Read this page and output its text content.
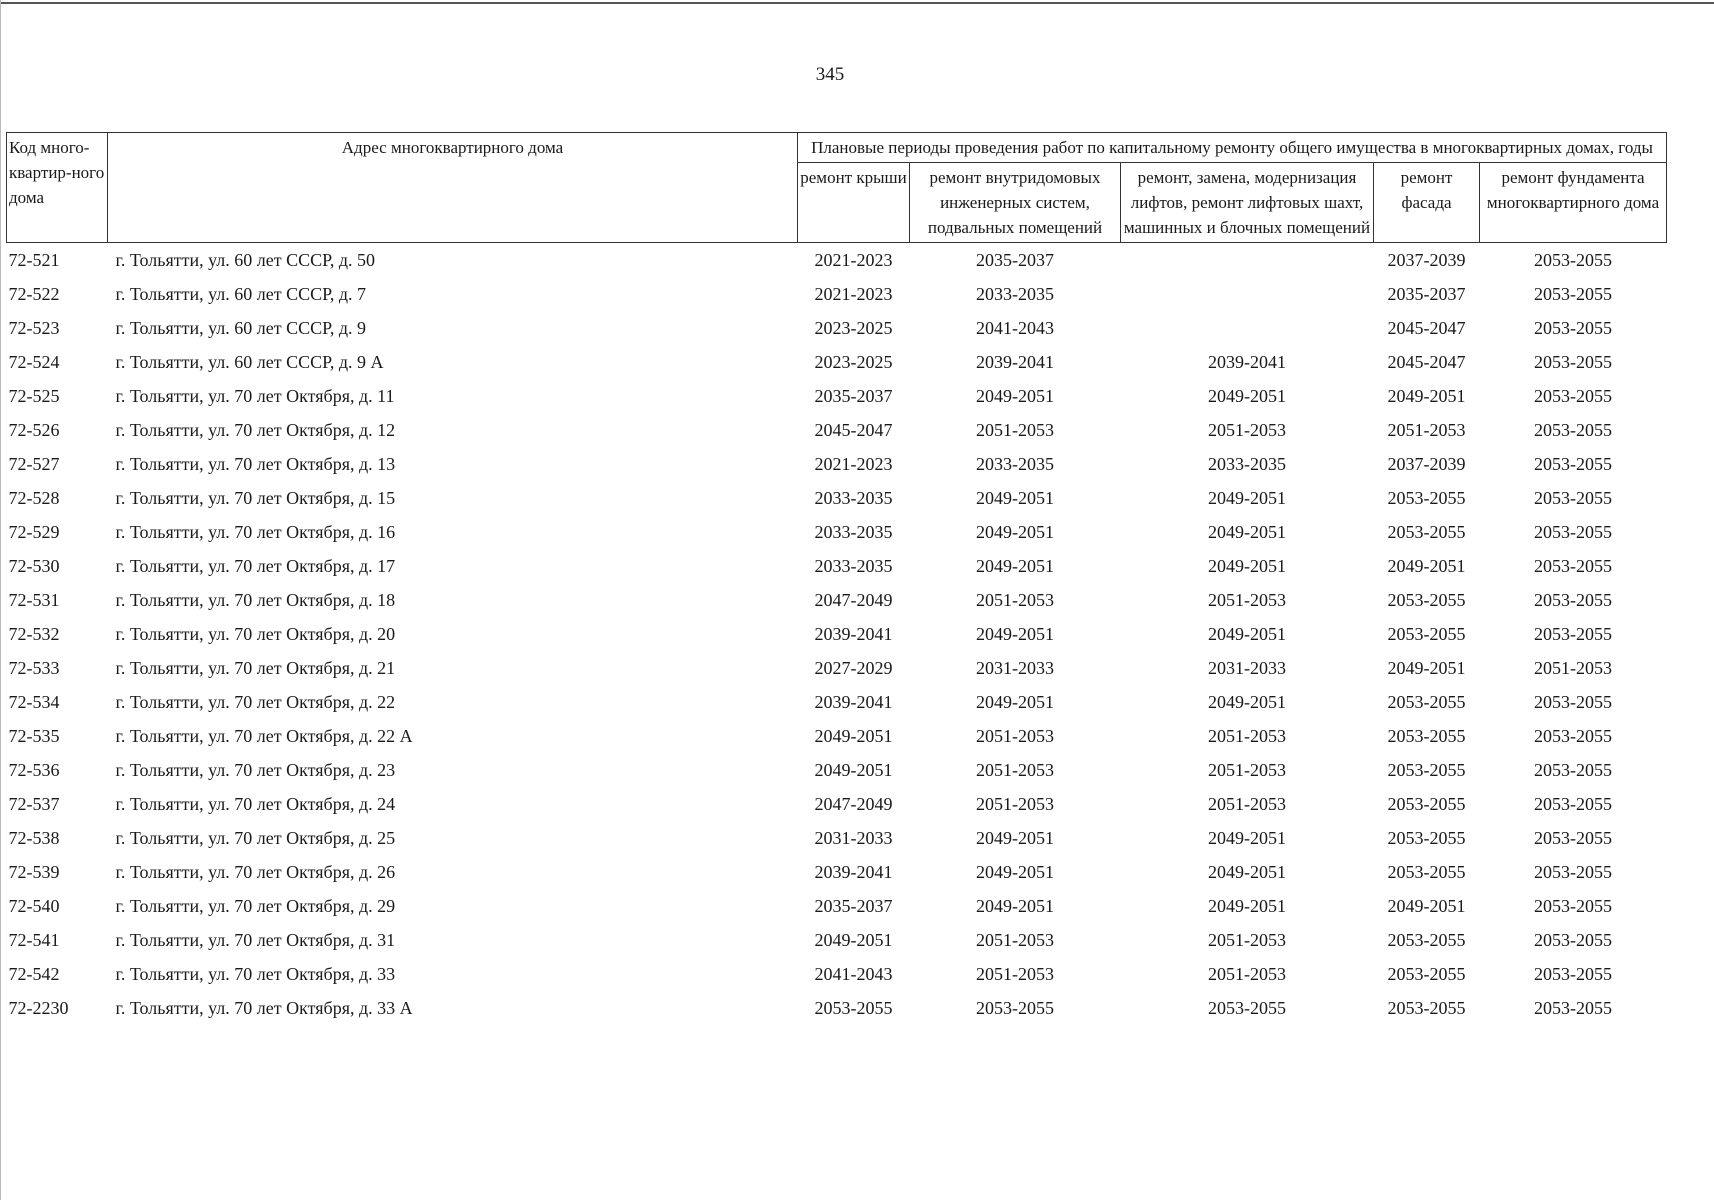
345
Код много-квартир-ного дома	Адрес многоквартирного дома	Плановые периоды проведения работ по капитальному ремонту общего имущества в многоквартирных домах, годы				
		ремонт крыши	ремонт внутридомовых инженерных систем, подвальных помещений	ремонт, замена, модернизация лифтов, ремонт лифтовых шахт, машинных и блочных помещений	ремонт фасада	ремонт фундамента многоквартирного дома
72-521	г. Тольятти, ул. 60 лет СССР, д. 50	2021-2023	2035-2037		2037-2039	2053-2055
72-522	г. Тольятти, ул. 60 лет СССР, д. 7	2021-2023	2033-2035		2035-2037	2053-2055
72-523	г. Тольятти, ул. 60 лет СССР, д. 9	2023-2025	2041-2043		2045-2047	2053-2055
72-524	г. Тольятти, ул. 60 лет СССР, д. 9 А	2023-2025	2039-2041	2039-2041	2045-2047	2053-2055
72-525	г. Тольятти, ул. 70 лет Октября, д. 11	2035-2037	2049-2051	2049-2051	2049-2051	2053-2055
72-526	г. Тольятти, ул. 70 лет Октября, д. 12	2045-2047	2051-2053	2051-2053	2051-2053	2053-2055
72-527	г. Тольятти, ул. 70 лет Октября, д. 13	2021-2023	2033-2035	2033-2035	2037-2039	2053-2055
72-528	г. Тольятти, ул. 70 лет Октября, д. 15	2033-2035	2049-2051	2049-2051	2053-2055	2053-2055
72-529	г. Тольятти, ул. 70 лет Октября, д. 16	2033-2035	2049-2051	2049-2051	2053-2055	2053-2055
72-530	г. Тольятти, ул. 70 лет Октября, д. 17	2033-2035	2049-2051	2049-2051	2049-2051	2053-2055
72-531	г. Тольятти, ул. 70 лет Октября, д. 18	2047-2049	2051-2053	2051-2053	2053-2055	2053-2055
72-532	г. Тольятти, ул. 70 лет Октября, д. 20	2039-2041	2049-2051	2049-2051	2053-2055	2053-2055
72-533	г. Тольятти, ул. 70 лет Октября, д. 21	2027-2029	2031-2033	2031-2033	2049-2051	2051-2053
72-534	г. Тольятти, ул. 70 лет Октября, д. 22	2039-2041	2049-2051	2049-2051	2053-2055	2053-2055
72-535	г. Тольятти, ул. 70 лет Октября, д. 22 А	2049-2051	2051-2053	2051-2053	2053-2055	2053-2055
72-536	г. Тольятти, ул. 70 лет Октября, д. 23	2049-2051	2051-2053	2051-2053	2053-2055	2053-2055
72-537	г. Тольятти, ул. 70 лет Октября, д. 24	2047-2049	2051-2053	2051-2053	2053-2055	2053-2055
72-538	г. Тольятти, ул. 70 лет Октября, д. 25	2031-2033	2049-2051	2049-2051	2053-2055	2053-2055
72-539	г. Тольятти, ул. 70 лет Октября, д. 26	2039-2041	2049-2051	2049-2051	2053-2055	2053-2055
72-540	г. Тольятти, ул. 70 лет Октября, д. 29	2035-2037	2049-2051	2049-2051	2049-2051	2053-2055
72-541	г. Тольятти, ул. 70 лет Октября, д. 31	2049-2051	2051-2053	2051-2053	2053-2055	2053-2055
72-542	г. Тольятти, ул. 70 лет Октября, д. 33	2041-2043	2051-2053	2051-2053	2053-2055	2053-2055
72-2230	г. Тольятти, ул. 70 лет Октября, д. 33 А	2053-2055	2053-2055	2053-2055	2053-2055	2053-2055
